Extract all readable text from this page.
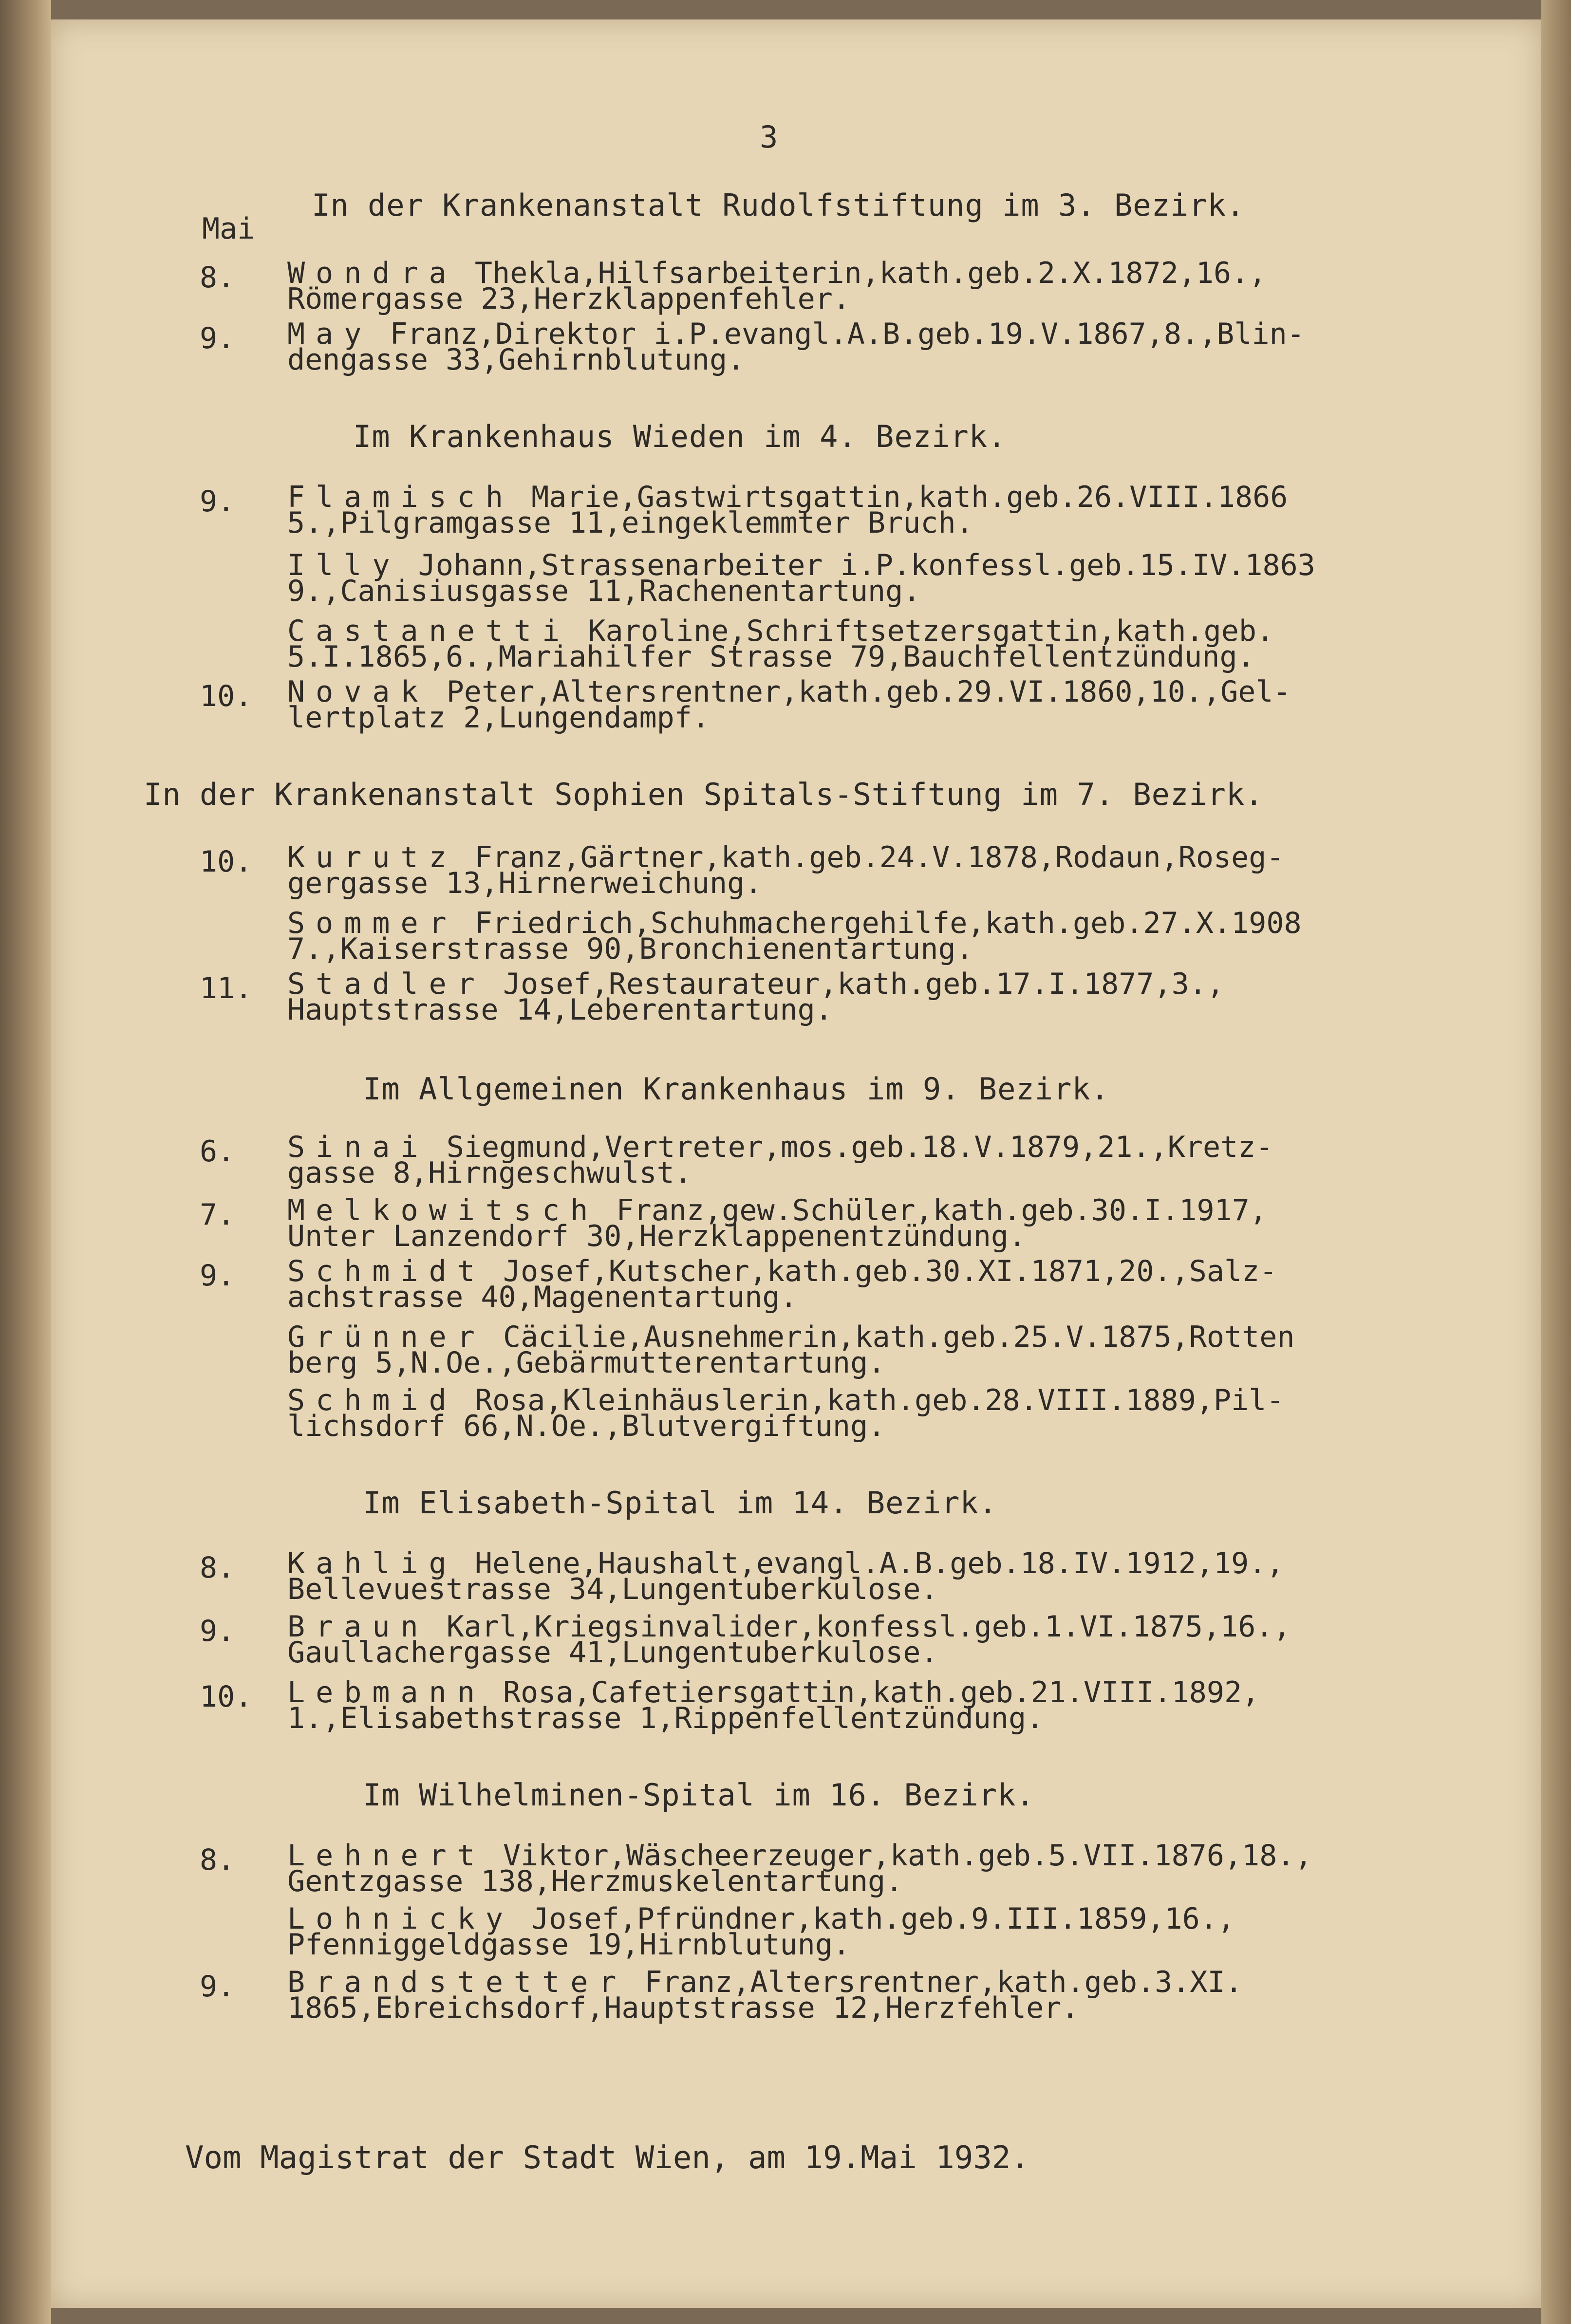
3
Mai
In der Krankenanstalt Rudolfstiftung im 3. Bezirk.
8. Wondra Thekla,Hilfsarbeiterin,kath.geb.2.X.1872,16.,
Römergasse 23,Herzklappenfehler.
9. May Franz,Direktor i.P.evangl.A.B.geb.19.V.1867,8.,Blin-
dengasse 33,Gehirnblutung.
Im Krankenhaus Wieden im 4. Bezirk.
9. Flamisch Marie,Gastwirtsgattin,kath.geb.26.VIII.1866
5.,Pilgramgasse 11,eingeklemmter Bruch.
Illy Johann,Strassenarbeiter i.P.konfessl.geb.15.IV.1863
9.,Canisiusgasse 11,Rachenentartung.
Castanetti Karoline,Schriftsetzersgattin,kath.geb.
5.I.1865,6.,Mariahilfer Strasse 79,Bauchfellentzündung.
10. Novak Peter,Altersrentner,kath.geb.29.VI.1860,10.,Gel-
lertplatz 2,Lungendampf.
In der Krankenanstalt Sophien Spitals-Stiftung im 7. Bezirk.
10. Kurutz Franz,Gärtner,kath.geb.24.V.1878,Rodaun,Roseg-
gergasse 13,Hirnerweichung.
Sommer Friedrich,Schuhmachergehilfe,kath.geb.27.X.1908
7.,Kaiserstrasse 90,Bronchienentartung.
11. Stadler Josef,Restaurateur,kath.geb.17.I.1877,3.,
Hauptstrasse 14,Leberentartung.
Im Allgemeinen Krankenhaus im 9. Bezirk.
6. Sinai Siegmund,Vertreter,mos.geb.18.V.1879,21.,Kretz-
gasse 8,Hirngeschwulst.
7. Melkowitsch Franz,gew.Schüler,kath.geb.30.I.1917,
Unter Lanzendorf 30,Herzklappenentzündung.
9. Schmidt Josef,Kutscher,kath.geb.30.XI.1871,20.,Salz-
achstrasse 40,Magenentartung.
Grünner Cäcilie,Ausnehmerin,kath.geb.25.V.1875,Rotten
berg 5,N.Oe.,Gebärmutterentartung.
Schmid Rosa,Kleinhäuslerin,kath.geb.28.VIII.1889,Pil-
lichsdorf 66,N.Oe.,Blutvergiftung.
Im Elisabeth-Spital im 14. Bezirk.
8. Kahlig Helene,Haushalt,evangl.A.B.geb.18.IV.1912,19.,
Bellevuestrasse 34,Lungentuberkulose.
9. Braun Karl,Kriegsinvalider,konfessl.geb.1.VI.1875,16.,
Gaullachergasse 41,Lungentuberkulose.
10. Lebmann Rosa,Cafetiersgattin,kath.geb.21.VIII.1892,
1.,Elisabethstrasse 1,Rippenfellentzündung.
Im Wilhelminen-Spital im 16. Bezirk.
8. Lehnert Viktor,Wäscheerzeuger,kath.geb.5.VII.1876,18.,
Gentzgasse 138,Herzmuskelentartung.
Lohnicky Josef,Pfründner,kath.geb.9.III.1859,16.,
Pfenniggeldgasse 19,Hirnblutung.
9. Brandstetter Franz,Altersrentner,kath.geb.3.XI.
1865,Ebreichsdorf,Hauptstrasse 12,Herzfehler.
Vom Magistrat der Stadt Wien, am 19.Mai 1932.
